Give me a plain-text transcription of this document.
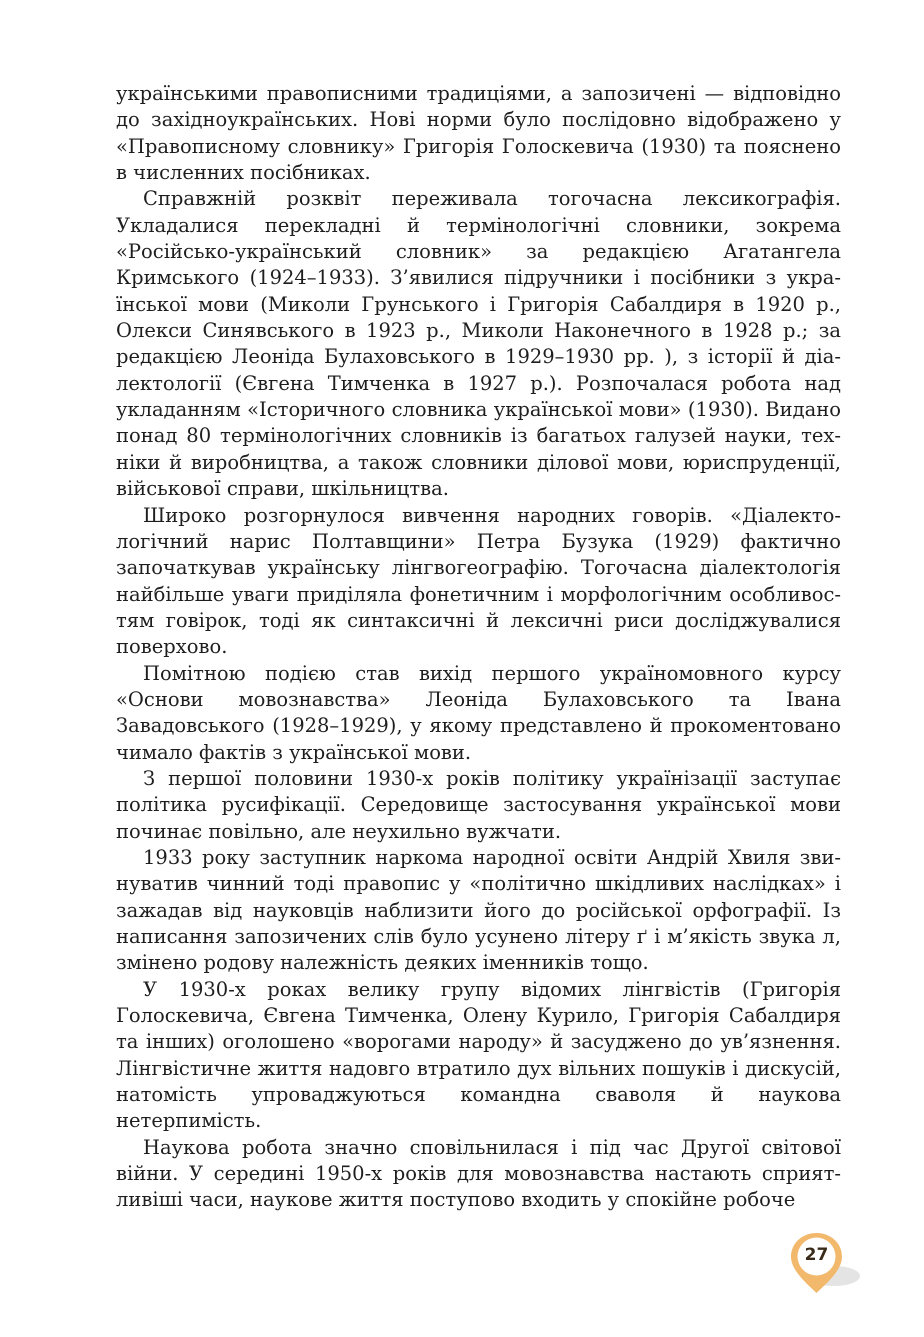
українськими правописними традиціями, а запозичені — відповідно до західноукраїнських. Нові норми було послідовно відображено у «Правописному словнику» Григорія Голоскевича (1930) та пояснено в численних посібниках.

Справжній розквіт переживала тогочасна лексикографія. Укладалися перекладні й термінологічні словники, зокрема «Російсько-український словник» за редакцією Агатангела Кримського (1924–1933). З’явилися підручники і посібники з української мови (Миколи Грунського і Григорія Сабалдиря в 1920 р., Олекси Синявського в 1923 р., Миколи Наконечного в 1928 р.; за редакцією Леоніда Булаховського в 1929–1930 рр. ), з історії й діалектології (Євгена Тимченка в 1927 р.). Розпочалася робота над укладанням «Історичного словника української мови» (1930). Видано понад 80 термінологічних словників із багатьох галузей науки, техніки й виробництва, а також словники ділової мови, юриспруденції, військової справи, шкільництва.

Широко розгорнулося вивчення народних говорів. «Діалектологічний нарис Полтавщини» Петра Бузука (1929) фактично започаткував українську лінгвогеографію. Тогочасна діалектологія найбільше уваги приділяла фонетичним і морфологічним особливостям говірок, тоді як синтаксичні й лексичні риси досліджувалися поверхово.

Помітною подією став вихід першого україномовного курсу «Основи мовознавства» Леоніда Булаховського та Івана Завадовського (1928–1929), у якому представлено й прокоментовано чимало фактів з української мови.

З першої половини 1930-х років політику українізації заступає політика русифікації. Середовище застосування української мови починає повільно, але неухильно вужчати.

1933 року заступник наркома народної освіти Андрій Хвиля звинуватив чинний тоді правопис у «політично шкідливих наслідках» і зажадав від науковців наблизити його до російської орфографії. Із написання запозичених слів було усунено літеру ґ і м’якість звука л, змінено родову належність деяких іменників тощо.

У 1930-х роках велику групу відомих лінгвістів (Григорія Голоскевича, Євгена Тимченка, Олену Курило, Григорія Сабалдиря та інших) оголошено «ворогами народу» й засуджено до ув’язнення. Лінгвістичне життя надовго втратило дух вільних пошуків і дискусій, натомість упроваджуються командна сваволя й наукова нетерпимість.

Наукова робота значно сповільнилася і під час Другої світової війни. У середині 1950-х років для мовознавства настають сприятливіші часи, наукове життя поступово входить у спокійне робоче

27
